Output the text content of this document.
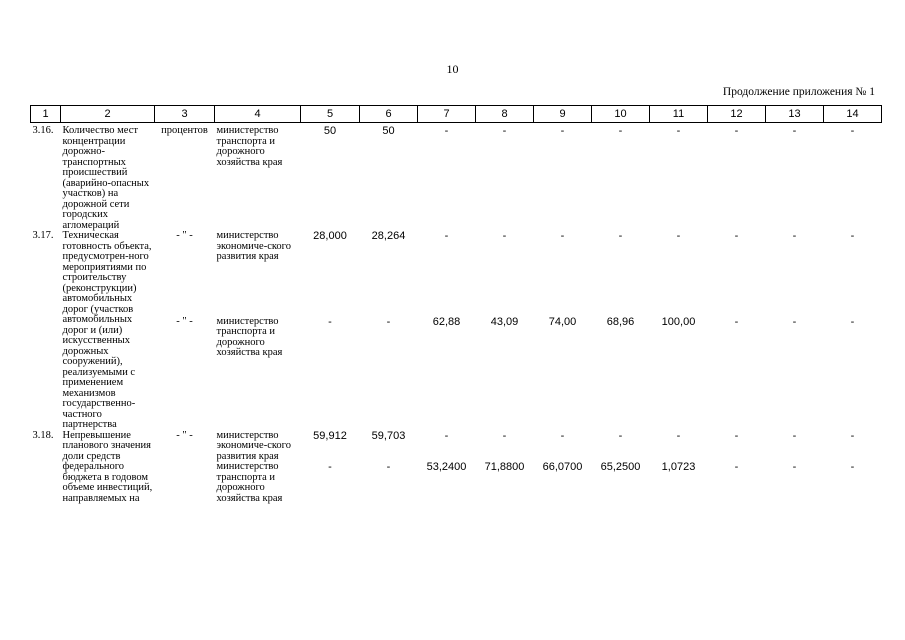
10
Продолжение приложения № 1
1	2	3	4	5	6	7	8	9	10	11	12	13	14
3.16.	Количество мест концентрации дорожно-транспортных происшествий (аварийно-опасных участков) на дорожной сети городских агломераций	процентов	министерство транспорта и дорожного хозяйства края	50	50	-	-	-	-	-	-	-	-
3.17.	Техническая готовность объекта, предусмотрен-ного мероприятиями по строительству (реконструкции) автомобильных дорог (участков автомобильных дорог и (или) искусственных дорожных сооружений), реализуемыми с применением механизмов государственно-частного партнерства	- " -	министерство экономиче-ского развития края	28,000	28,264	-	-	-	-	-	-	-	-
		- " -	министерство транспорта и дорожного хозяйства края	-	-	62,88	43,09	74,00	68,96	100,00	-	-	-
3.18.	Непревышение планового значения доли средств федерального бюджета в годовом объеме инвестиций, направляемых на	- " -	министерство экономиче-ского развития края	59,912	59,703	-	-	-	-	-	-	-	-
			министерство транспорта и дорожного хозяйства края	-	-	53,2400	71,8800	66,0700	65,2500	1,0723	-	-	-
